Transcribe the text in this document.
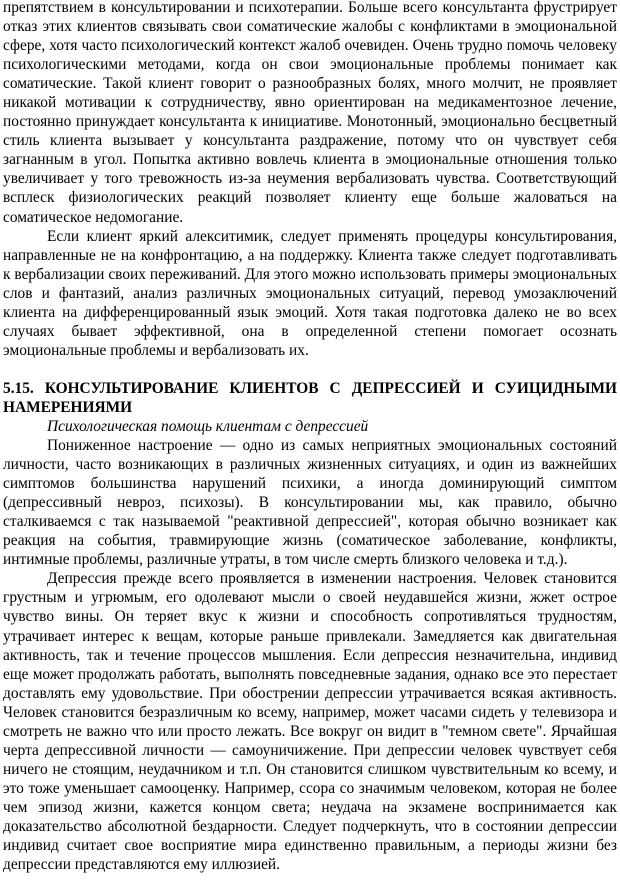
препятствием в консультировании и психотерапии. Больше всего консультанта фрустрирует отказ этих клиентов связывать свои соматические жалобы с конфликтами в эмоциональной сфере, хотя часто психологический контекст жалоб очевиден. Очень трудно помочь человеку психологическими методами, когда он свои эмоциональные проблемы понимает как соматические. Такой клиент говорит о разнообразных болях, много молчит, не проявляет никакой мотивации к сотрудничеству, явно ориентирован на медикаментозное лечение, постоянно принуждает консультанта к инициативе. Монотонный, эмоционально бесцветный стиль клиента вызывает у консультанта раздражение, потому что он чувствует себя загнанным в угол. Попытка активно вовлечь клиента в эмоциональные отношения только увеличивает у того тревожность из-за неумения вербализовать чувства. Соответствующий всплеск физиологических реакций позволяет клиенту еще больше жаловаться на соматическое недомогание.

Если клиент яркий алекситимик, следует применять процедуры консультирования, направленные не на конфронтацию, а на поддержку. Клиента также следует подготавливать к вербализации своих переживаний. Для этого можно использовать примеры эмоциональных слов и фантазий, анализ различных эмоциональных ситуаций, перевод умозаключений клиента на дифференцированный язык эмоций. Хотя такая подготовка далеко не во всех случаях бывает эффективной, она в определенной степени помогает осознать эмоциональные проблемы и вербализовать их.

5.15. КОНСУЛЬТИРОВАНИЕ КЛИЕНТОВ С ДЕПРЕССИЕЙ И СУИЦИДНЫМИ НАМЕРЕНИЯМИ

Психологическая помощь клиентам с депрессией

Пониженное настроение — одно из самых неприятных эмоциональных состояний личности, часто возникающих в различных жизненных ситуациях, и один из важнейших симптомов большинства нарушений психики, а иногда доминирующий симптом (депрессивный невроз, психозы). В консультировании мы, как правило, обычно сталкиваемся с так называемой "реактивной депрессией", которая обычно возникает как реакция на события, травмирующие жизнь (соматическое заболевание, конфликты, интимные проблемы, различные утраты, в том числе смерть близкого человека и т.д.).

Депрессия прежде всего проявляется в изменении настроения. Человек становится грустным и угрюмым, его одолевают мысли о своей неудавшейся жизни, жжет острое чувство вины. Он теряет вкус к жизни и способность сопротивляться трудностям, утрачивает интерес к вещам, которые раньше привлекали. Замедляется как двигательная активность, так и течение процессов мышления. Если депрессия незначительна, индивид еще может продолжать работать, выполнять повседневные задания, однако все это перестает доставлять ему удовольствие. При обострении депрессии утрачивается всякая активность. Человек становится безразличным ко всему, например, может часами сидеть у телевизора и смотреть не важно что или просто лежать. Все вокруг он видит в "темном свете". Ярчайшая черта депрессивной личности — самоуничижение. При депрессии человек чувствует себя ничего не стоящим, неудачником и т.п. Он становится слишком чувствительным ко всему, и это тоже уменьшает самооценку. Например, ссора со значимым человеком, которая не более чем эпизод жизни, кажется концом света; неудача на экзамене воспринимается как доказательство абсолютной бездарности. Следует подчеркнуть, что в состоянии депрессии индивид считает свое восприятие мира единственно правильным, а периоды жизни без депрессии представляются ему иллюзией.
